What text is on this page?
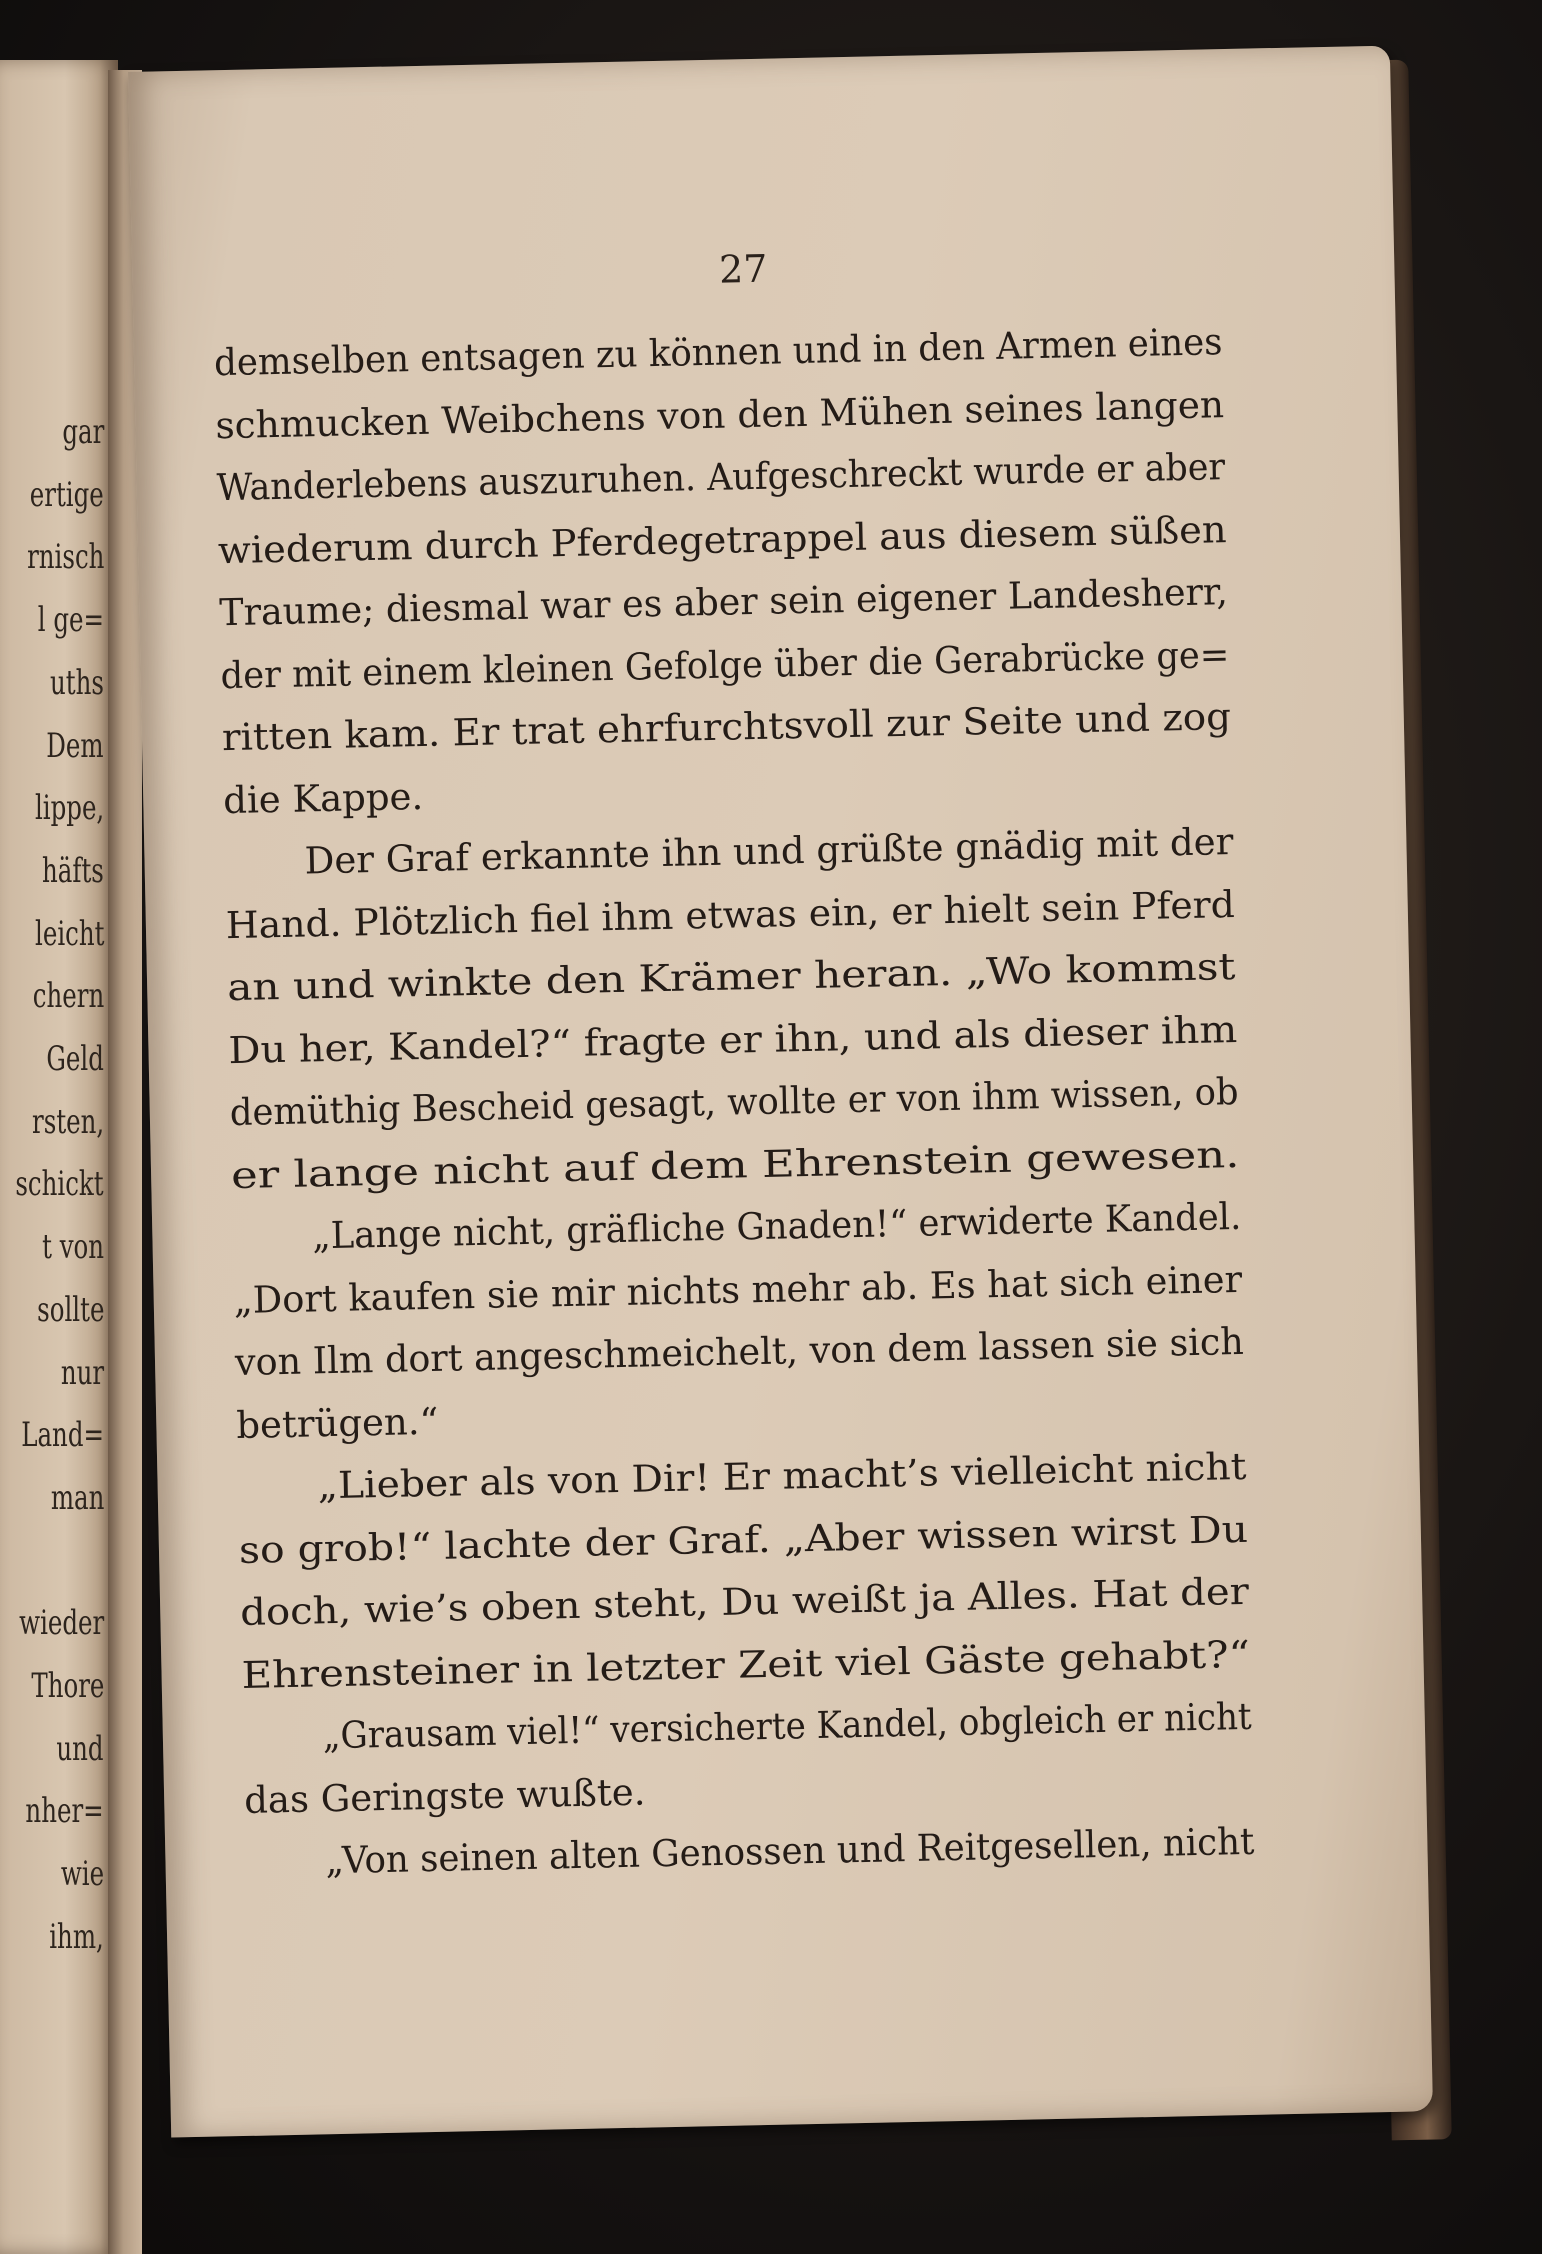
gar
ertige
rnisch
l ge=
uths
Dem
lippe,
häfts
leicht
chern
Geld
rsten,
schickt
t von
sollte
nur
Land=
man
wieder
Thore
und
nher=
wie
ihm,
27
demselben entsagen zu können und in den Armen eines
schmucken Weibchens von den Mühen seines langen
Wanderlebens auszuruhen. Aufgeschreckt wurde er aber
wiederum durch Pferdegetrappel aus diesem süßen
Traume; diesmal war es aber sein eigener Landesherr,
der mit einem kleinen Gefolge über die Gerabrücke ge=
ritten kam. Er trat ehrfurchtsvoll zur Seite und zog
die Kappe.
Der Graf erkannte ihn und grüßte gnädig mit der
Hand. Plötzlich fiel ihm etwas ein, er hielt sein Pferd
an und winkte den Krämer heran. „Wo kommst
Du her, Kandel?“ fragte er ihn, und als dieser ihm
demüthig Bescheid gesagt, wollte er von ihm wissen, ob
er lange nicht auf dem Ehrenstein gewesen.
„Lange nicht, gräfliche Gnaden!“ erwiderte Kandel.
„Dort kaufen sie mir nichts mehr ab. Es hat sich einer
von Ilm dort angeschmeichelt, von dem lassen sie sich
betrügen.“
„Lieber als von Dir! Er macht’s vielleicht nicht
so grob!“ lachte der Graf. „Aber wissen wirst Du
doch, wie’s oben steht, Du weißt ja Alles. Hat der
Ehrensteiner in letzter Zeit viel Gäste gehabt?“
„Grausam viel!“ versicherte Kandel, obgleich er nicht
das Geringste wußte.
„Von seinen alten Genossen und Reitgesellen, nicht
